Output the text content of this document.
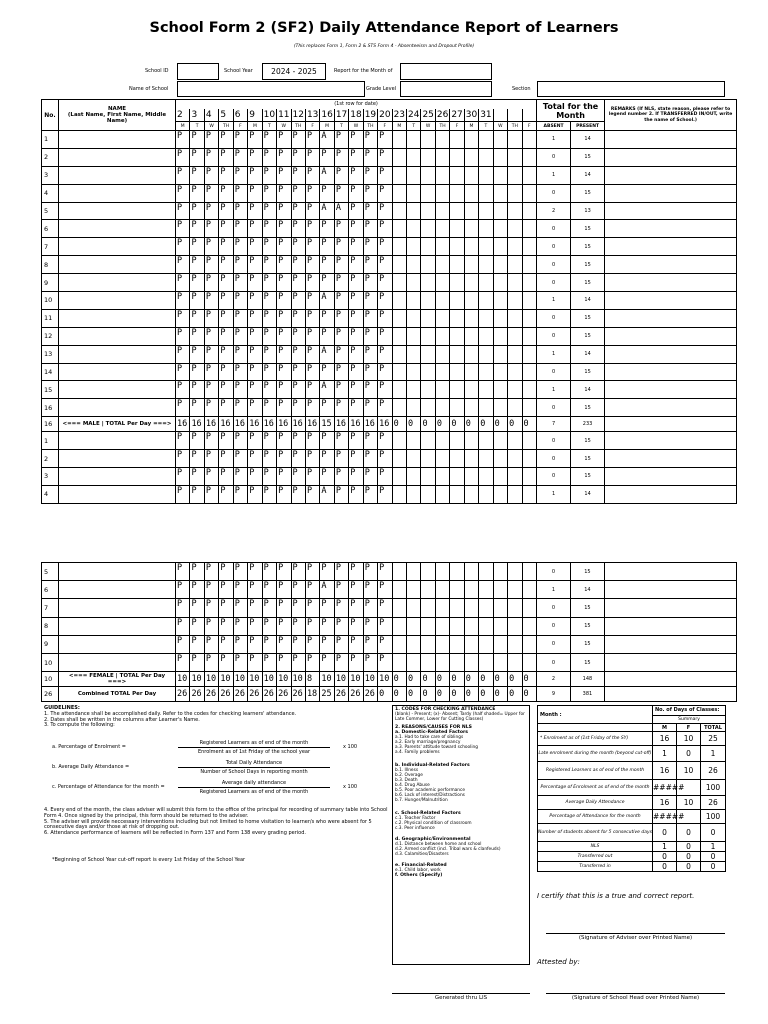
School Form 2 (SF2) Daily Attendance Report of Learners
(This replaces Form 1, Form 2 & STS Form 4 - Absenteeism and Dropout Profile)
School ID	School Year	2024 - 2025	Report for the Month of
Name of School	Grade Level	Section
No.	NAME
(Last Name, First Name, Middle Name)	(1st row for date)																									Total for the Month		REMARKS (If NLS, state reason, please refer to legend number 2. If TRANSFERRED IN/OUT, write the name of School.)
		2	3	4	5	6	9	10	11	12	13	16	17	18	19	20	23	24	25	26	27	30	31						
		M	T	W	TH	F	M	T	W	TH	F	M	T	W	TH	F	M	T	W	TH	F	M	T	W	TH	F	ABSENT	PRESENT	
1		P	P	P	P	P	P	P	P	P	P	A	P	P	P	P											1	14	
2		P	P	P	P	P	P	P	P	P	P	P	P	P	P	P											0	15	
3		P	P	P	P	P	P	P	P	P	P	A	P	P	P	P											1	14	
4		P	P	P	P	P	P	P	P	P	P	P	P	P	P	P											0	15	
5		P	P	P	P	P	P	P	P	P	P	A	A	P	P	P											2	13	
6		P	P	P	P	P	P	P	P	P	P	P	P	P	P	P											0	15	
7		P	P	P	P	P	P	P	P	P	P	P	P	P	P	P											0	15	
8		P	P	P	P	P	P	P	P	P	P	P	P	P	P	P											0	15	
9		P	P	P	P	P	P	P	P	P	P	P	P	P	P	P											0	15	
10		P	P	P	P	P	P	P	P	P	P	A	P	P	P	P											1	14	
11		P	P	P	P	P	P	P	P	P	P	P	P	P	P	P											0	15	
12		P	P	P	P	P	P	P	P	P	P	P	P	P	P	P											0	15	
13		P	P	P	P	P	P	P	P	P	P	A	P	P	P	P											1	14	
14		P	P	P	P	P	P	P	P	P	P	P	P	P	P	P											0	15	
15		P	P	P	P	P	P	P	P	P	P	A	P	P	P	P											1	14	
16		P	P	P	P	P	P	P	P	P	P	P	P	P	P	P											0	15	
16	<=== MALE | TOTAL Per Day ===>	16	16	16	16	16	16	16	16	16	16	15	16	16	16	16	0	0	0	0	0	0	0	0	0	0	7	233	
1		P	P	P	P	P	P	P	P	P	P	P	P	P	P	P											0	15	
2		P	P	P	P	P	P	P	P	P	P	P	P	P	P	P											0	15	
3		P	P	P	P	P	P	P	P	P	P	P	P	P	P	P											0	15	
4		P	P	P	P	P	P	P	P	P	P	A	P	P	P	P											1	14	
5		P	P	P	P	P	P	P	P	P	P	P	P	P	P	P											0	15	
6		P	P	P	P	P	P	P	P	P	P	A	P	P	P	P											1	14	
7		P	P	P	P	P	P	P	P	P	P	P	P	P	P	P											0	15	
8		P	P	P	P	P	P	P	P	P	P	P	P	P	P	P											0	15	
9		P	P	P	P	P	P	P	P	P	P	P	P	P	P	P											0	15	
10		P	P	P	P	P	P	P	P	P	P	P	P	P	P	P											0	15	
10	<=== FEMALE | TOTAL Per Day ===>	10	10	10	10	10	10	10	10	10	8	10	10	10	10	10	0	0	0	0	0	0	0	0	0	0	2	148	
26	Combined TOTAL Per Day	26	26	26	26	26	26	26	26	26	18	25	26	26	26	0	0	0	0	0	0	0	0	0	0	0	9	381	
GUIDELINES:
1. The attendance shall be accomplished daily. Refer to the codes for checking learners' attendance.
2. Dates shall be written in the columns after Learner's Name.
3. To compute the following:
a. Percentage of Enrolment =
Registered Learners as of end of the month
Enrolment as of 1st Friday of the school year
x 100
b. Average Daily Attendance =
Total Daily Attendance
Number of School Days in reporting month
c. Percentage of Attendance for the month =
Average daily attendance
Registered Learners as of end of the month
x 100
4. Every end of the month, the class adviser will submit this form to the office of the principal for recording of summary table into School Form 4. Once signed by the principal, this form should be returned to the adviser.
5. The adviser will provide neccessary interventions including but not limited to home visitation to learner/s who were absent for 5 consecutive days and/or those at risk of dropping out.
6. Attendance performance of learners will be reflected in Form 137 and Form 138 every grading period.
*Beginning of School Year cut-off report is every 1st Friday of the School Year
1. CODES FOR CHECKING ATTENDANCE
(blank) - Present; (x)- Absent; Tardy (half shaded= Upper for Late Commer, Lower for Cutting Classes)
2. REASONS/CAUSES FOR NLS
a. Domestic-Related Factors
a.1. Had to take care of siblings
a.2. Early marriage/pregnancy
a.3. Parents' attitude toward schooling
a.4. Family problems
b. Individual-Related Factors
b.1. Illness
b.2. Overage
b.3. Death
b.4. Drug Abuse
b.5. Poor academic performance
b.6. Lack of interest/Distractions
b.7. Hunger/Malnutrition
c. School-Related Factors
c.1. Teacher Factor
c.2. Physical condition of classroom
c.3. Peer influence
d. Geographic/Environmental
d.1. Distance between home and school
d.2. Armed conflict (incl. Tribal wars & clanfeuds)
d.3. Calamities/Disasters
e. Financial-Related
e.1. Child labor, work
f. Others (Specify)
Month :	No. of Days of Classes:		
	Summary		
	M	F	TOTAL
* Enrolment as of (1st Friday of the SY)	16	10	25
Late enrolment during the month (beyond cut-off)	1	0	1
Registered Learners as of end of the month	16	10	26
Percentage of Enrolment as of end of the month	#####		100
Average Daily Attendance	16	10	26
Percentage of Attendance for the month	#####		100
Number of students absent for 5 consecutive days	0	0	0
NLS	1	0	1
Transferred out	0	0	0
Transferred in	0	0	0
I certify that this is a true and correct report.
(Signature of Adviser over Printed Name)
Attested by:
(Signature of School Head over Printed Name)
Generated thru LIS
